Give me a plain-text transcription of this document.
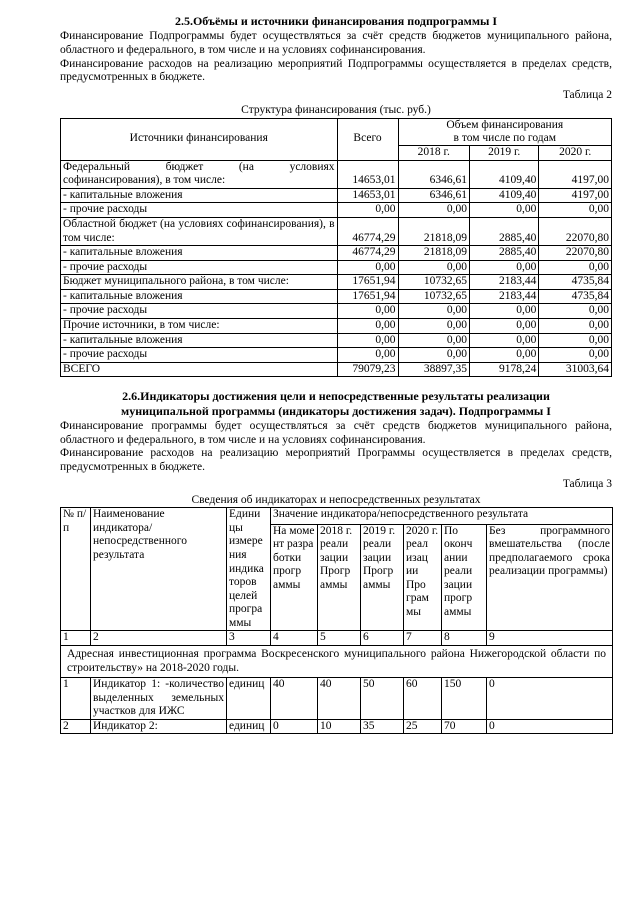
2.5.Объёмы и источники финансирования подпрограммы I

Финансирование Подпрограммы будет осуществляться за счёт средств бюджетов муниципального района, областного и федерального, в том числе и на условиях софинансирования.

Финансирование расходов на реализацию мероприятий Подпрограммы осуществляется в пределах средств, предусмотренных в бюджете.

Таблица 2
Структура финансирования (тыс. руб.)
Источники финансирования	Всего	Объем финансирования
в том числе по годам		

		2018 г.	2019 г.	2020 г.
Федеральный бюджет (на условиях софинансирования), в том числе:	14653,01	6346,61	4109,40	4197,00
- капитальные вложения	14653,01	6346,61	4109,40	4197,00
- прочие расходы	0,00	0,00	0,00	0,00
Областной бюджет (на условиях софинансирования), в том числе:	46774,29	21818,09	2885,40	22070,80
- капитальные вложения	46774,29	21818,09	2885,40	22070,80
- прочие расходы	0,00	0,00	0,00	0,00
Бюджет муниципального района, в том числе:	17651,94	10732,65	2183,44	4735,84
- капитальные вложения	17651,94	10732,65	2183,44	4735,84
- прочие расходы	0,00	0,00	0,00	0,00
Прочие источники, в том числе:	0,00	0,00	0,00	0,00
- капитальные вложения	0,00	0,00	0,00	0,00
- прочие расходы	0,00	0,00	0,00	0,00
ВСЕГО	79079,23	38897,35	9178,24	31003,64
2.6.Индикаторы достижения цели и непосредственные результаты реализации
муниципальной программы (индикаторы достижения задач). Подпрограммы I

Финансирование программы будет осуществляться за счёт средств бюджетов муниципального района, областного и федерального, в том числе и на условиях софинансирования.

Финансирование расходов на реализацию мероприятий Программы осуществляется в пределах средств, предусмотренных в бюджете.

Таблица 3
Сведения об индикаторах и непосредственных результатах
№ п/п	Наименование индикатора/ непосредственного результата	Едини цы измере ния индика торов целей програ ммы	Значение индикатора/непосредственного результата					
			На моме нт разра ботки прогр аммы	2018 г. реали зации Прогр аммы	2019 г. реали зации Прогр аммы	2020 г. реал изац ии Про грам мы	По оконч ании реали зации прогр аммы	Без программного вмешательства (после предполагаемого срока реализации программы)
1	2	3	4	5	6	7	8	9
Адресная инвестиционная программа Воскресенского муниципального района Нижегородской области по строительству» на 2018-2020 годы.								
1	Индикатор 1: -количество выделенных земельных участков для ИЖС	единиц	40	40	50	60	150	0
2	Индикатор 2:	единиц	0	10	35	25	70	0
